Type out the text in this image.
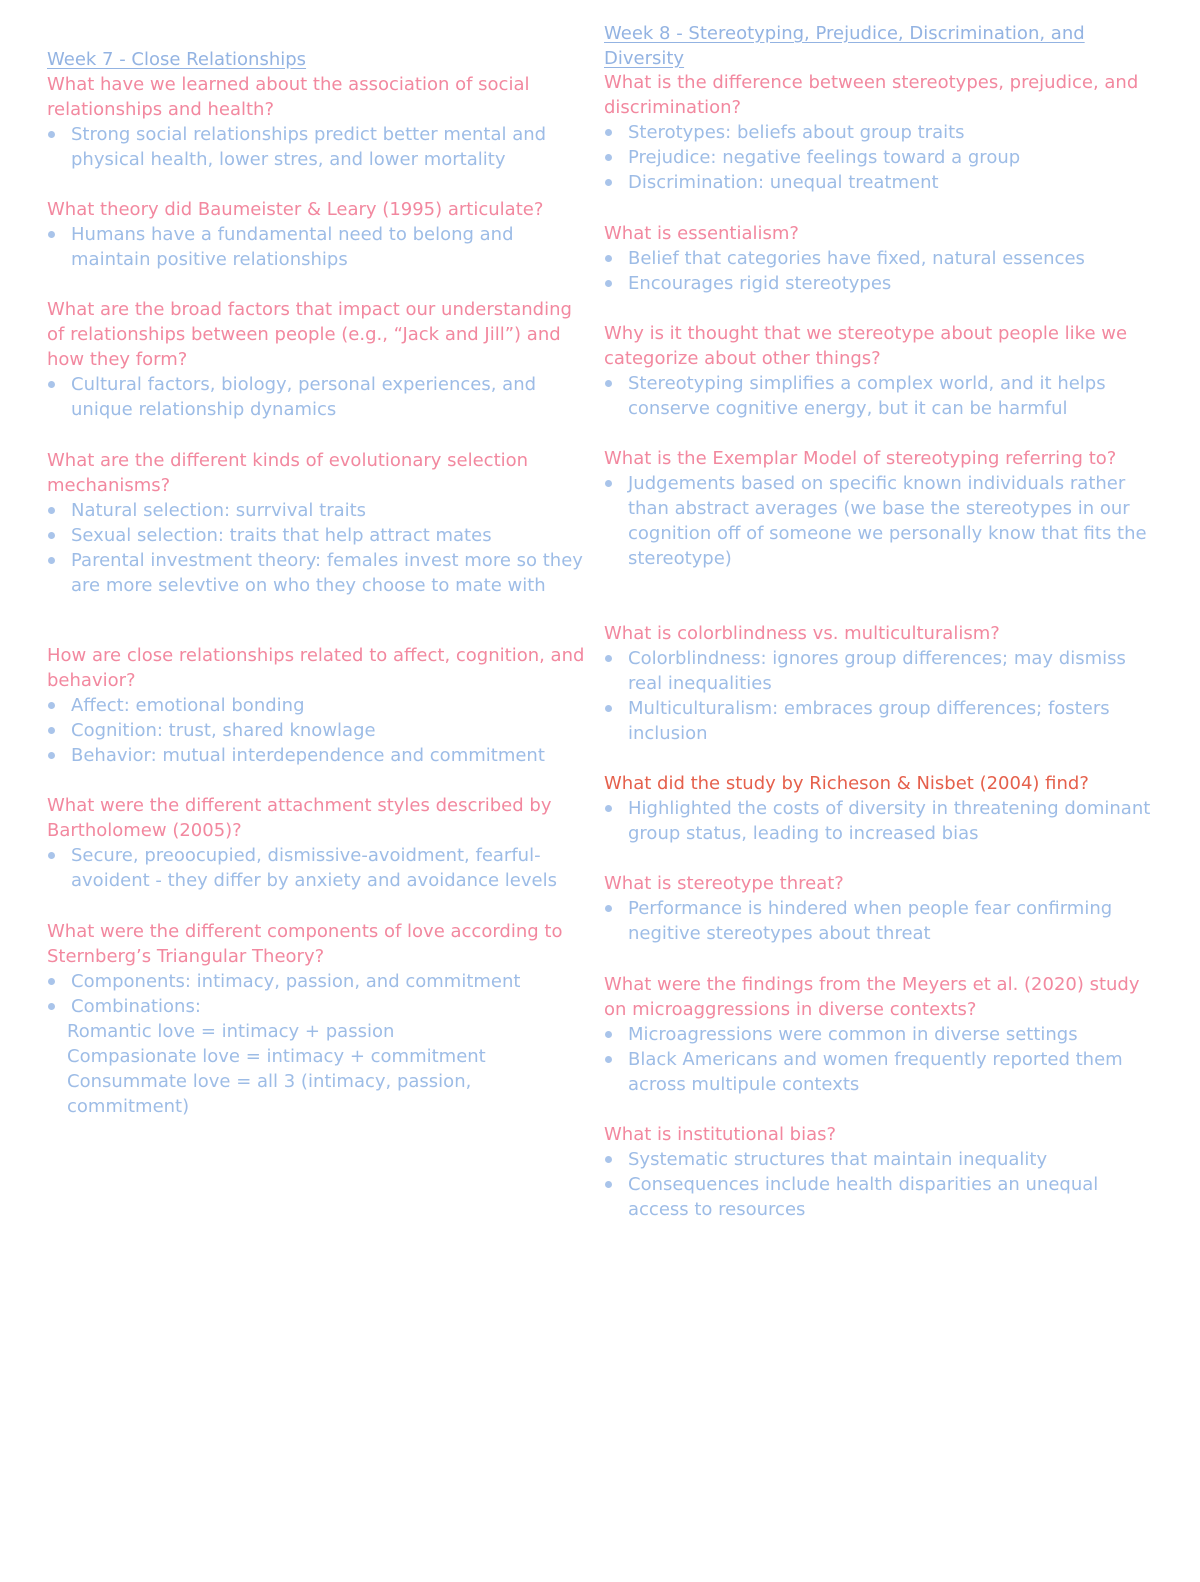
Week 7 - Close Relationships

What have we learned about the association of social relationships and health?

Strong social relationships predict better mental and physical health, lower stres, and lower mortality

What theory did Baumeister & Leary (1995) articulate?

Humans have a fundamental need to belong and maintain positive relationships

What are the broad factors that impact our understanding of relationships between people (e.g., “Jack and Jill”) and how they form?

Cultural factors, biology, personal experiences, and unique relationship dynamics

What are the different kinds of evolutionary selection mechanisms?

Natural selection: surrvival traits
Sexual selection: traits that help attract mates
Parental investment theory: females invest more so they are more selevtive on who they choose to mate with

How are close relationships related to affect, cognition, and behavior?

Affect: emotional bonding
Cognition: trust, shared knowlage
Behavior: mutual interdependence and commitment

What were the different attachment styles described by Bartholomew (2005)?

Secure, preoocupied, dismissive-avoidment, fearful-avoident - they differ by anxiety and avoidance levels

What were the different components of love according to Sternberg’s Triangular Theory?

Components: intimacy, passion, and commitment
Combinations:
Romantic love = intimacy + passion
Compasionate love = intimacy + commitment
Consummate love = all 3 (intimacy, passion, commitment)
Week 8 - Stereotyping, Prejudice, Discrimination, and Diversity

What is the difference between stereotypes, prejudice, and discrimination?

Sterotypes: beliefs about group traits
Prejudice: negative feelings toward a group
Discrimination: unequal treatment

What is essentialism?

Belief that categories have fixed, natural essences
Encourages rigid stereotypes

Why is it thought that we stereotype about people like we categorize about other things?

Stereotyping simplifies a complex world, and it helps conserve cognitive energy, but it can be harmful

What is the Exemplar Model of stereotyping referring to?

Judgements based on specific known individuals rather than abstract averages (we base the stereotypes in our cognition off of someone we personally know that fits the stereotype)

What is colorblindness vs. multiculturalism?

Colorblindness: ignores group differences; may dismiss real inequalities
Multiculturalism: embraces group differences; fosters inclusion

What did the study by Richeson & Nisbet (2004) find?

Highlighted the costs of diversity in threatening dominant group status, leading to increased bias

What is stereotype threat?

Performance is hindered when people fear confirming negitive stereotypes about threat

What were the findings from the Meyers et al. (2020) study on microaggressions in diverse contexts?

Microagressions were common in diverse settings
Black Americans and women frequently reported them across multipule contexts

What is institutional bias?

Systematic structures that maintain inequality
Consequences include health disparities an unequal access to resources
